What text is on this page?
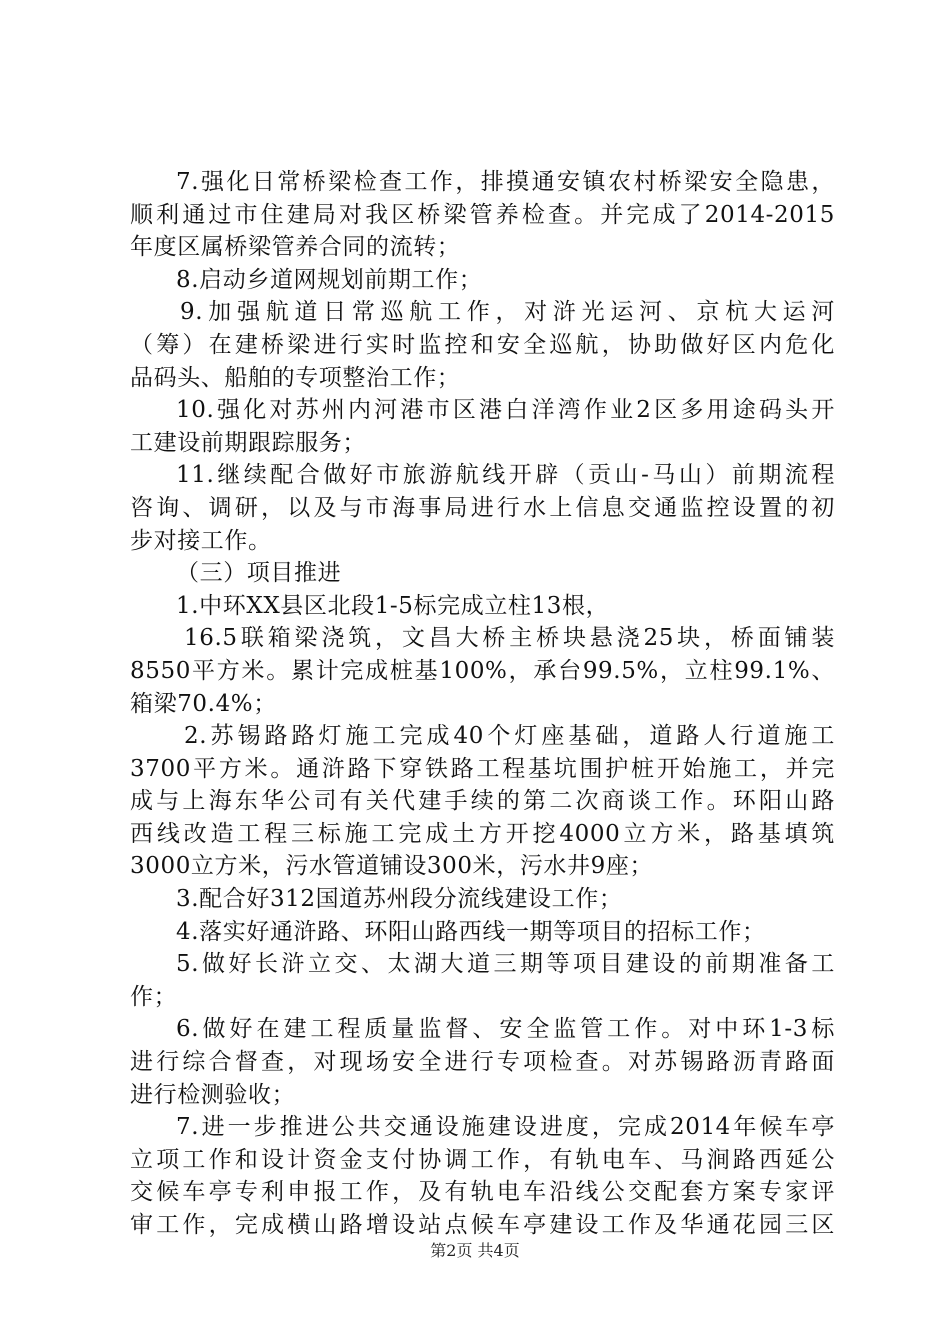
7.强化日常桥梁检查工作，排摸通安镇农村桥梁安全隐患，
顺利通过市住建局对我区桥梁管养检查。并完成了2014-2015
年度区属桥梁管养合同的流转；
8.启动乡道网规划前期工作；
9.加强航道日常巡航工作，对浒光运河、京杭大运河
（筹）在建桥梁进行实时监控和安全巡航，协助做好区内危化
品码头、船舶的专项整治工作；
10.强化对苏州内河港市区港白洋湾作业2区多用途码头开
工建设前期跟踪服务；
11.继续配合做好市旅游航线开辟（贡山-马山）前期流程
咨询、调研，以及与市海事局进行水上信息交通监控设置的初
步对接工作。
（三）项目推进
1.中环XX县区北段1-5标完成立柱13根，
16.5联箱梁浇筑，文昌大桥主桥块悬浇25块，桥面铺装
8550平方米。累计完成桩基100%，承台99.5%，立柱99.1%、
箱梁70.4%；
2.苏锡路路灯施工完成40个灯座基础，道路人行道施工
3700平方米。通浒路下穿铁路工程基坑围护桩开始施工，并完
成与上海东华公司有关代建手续的第二次商谈工作。环阳山路
西线改造工程三标施工完成土方开挖4000立方米，路基填筑
3000立方米，污水管道铺设300米，污水井9座；
3.配合好312国道苏州段分流线建设工作；
4.落实好通浒路、环阳山路西线一期等项目的招标工作；
5.做好长浒立交、太湖大道三期等项目建设的前期准备工
作；
6.做好在建工程质量监督、安全监管工作。对中环1-3标
进行综合督查，对现场安全进行专项检查。对苏锡路沥青路面
进行检测验收；
7.进一步推进公共交通设施建设进度，完成2014年候车亭
立项工作和设计资金支付协调工作，有轨电车、马涧路西延公
交候车亭专利申报工作，及有轨电车沿线公交配套方案专家评
审工作，完成横山路增设站点候车亭建设工作及华通花园三区
第2页 共4页
